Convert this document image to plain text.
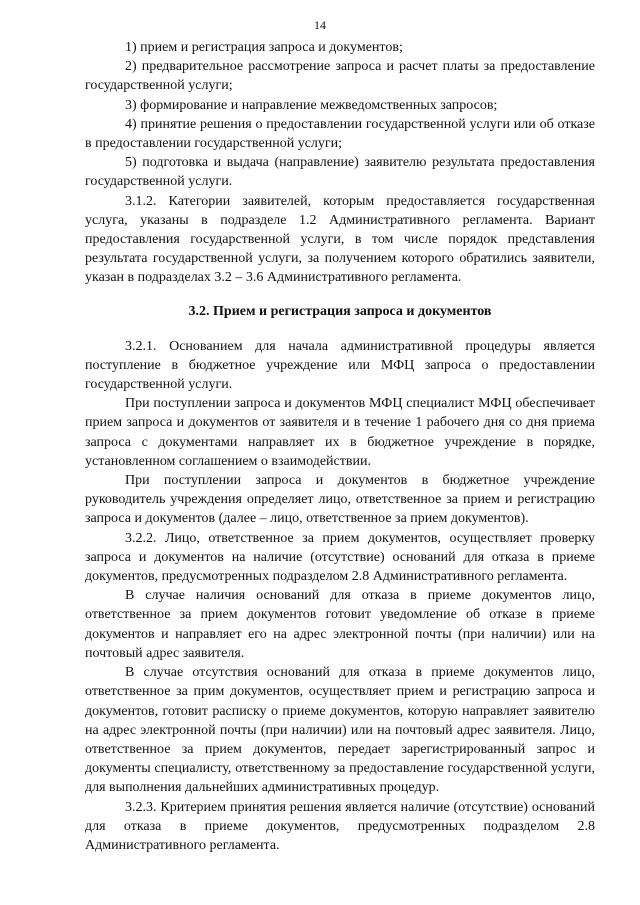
14

1) прием и регистрация запроса и документов;

2) предварительное рассмотрение запроса и расчет платы за предоставление государственной услуги;

3) формирование и направление межведомственных запросов;

4) принятие решения о предоставлении государственной услуги или об отказе в предоставлении государственной услуги;

5) подготовка и выдача (направление) заявителю результата предоставления государственной услуги.

3.1.2. Категории заявителей, которым предоставляется государственная услуга, указаны в подразделе 1.2 Административного регламента. Вариант предоставления государственной услуги, в том числе порядок представления результата государственной услуги, за получением которого обратились заявители, указан в подразделах 3.2 – 3.6 Административного регламента.

3.2. Прием и регистрация запроса и документов

3.2.1. Основанием для начала административной процедуры является поступление в бюджетное учреждение или МФЦ запроса о предоставлении государственной услуги.

При поступлении запроса и документов МФЦ специалист МФЦ обеспечивает прием запроса и документов от заявителя и в течение 1 рабочего дня со дня приема запроса с документами направляет их в бюджетное учреждение в порядке, установленном соглашением о взаимодействии.

При поступлении запроса и документов в бюджетное учреждение руководитель учреждения определяет лицо, ответственное за прием и регистрацию запроса и документов (далее – лицо, ответственное за прием документов).

3.2.2. Лицо, ответственное за прием документов, осуществляет проверку запроса и документов на наличие (отсутствие) оснований для отказа в приеме документов, предусмотренных подразделом 2.8 Административного регламента.

В случае наличия оснований для отказа в приеме документов лицо, ответственное за прием документов готовит уведомление об отказе в приеме документов и направляет его на адрес электронной почты (при наличии) или на почтовый адрес заявителя.

В случае отсутствия оснований для отказа в приеме документов лицо, ответственное за прим документов, осуществляет прием и регистрацию запроса и документов, готовит расписку о приеме документов, которую направляет заявителю на адрес электронной почты (при наличии) или на почтовый адрес заявителя. Лицо, ответственное за прием документов, передает зарегистрированный запрос и документы специалисту, ответственному за предоставление государственной услуги, для выполнения дальнейших административных процедур.

3.2.3. Критерием принятия решения является наличие (отсутствие) оснований для отказа в приеме документов, предусмотренных подразделом 2.8 Административного регламента.
